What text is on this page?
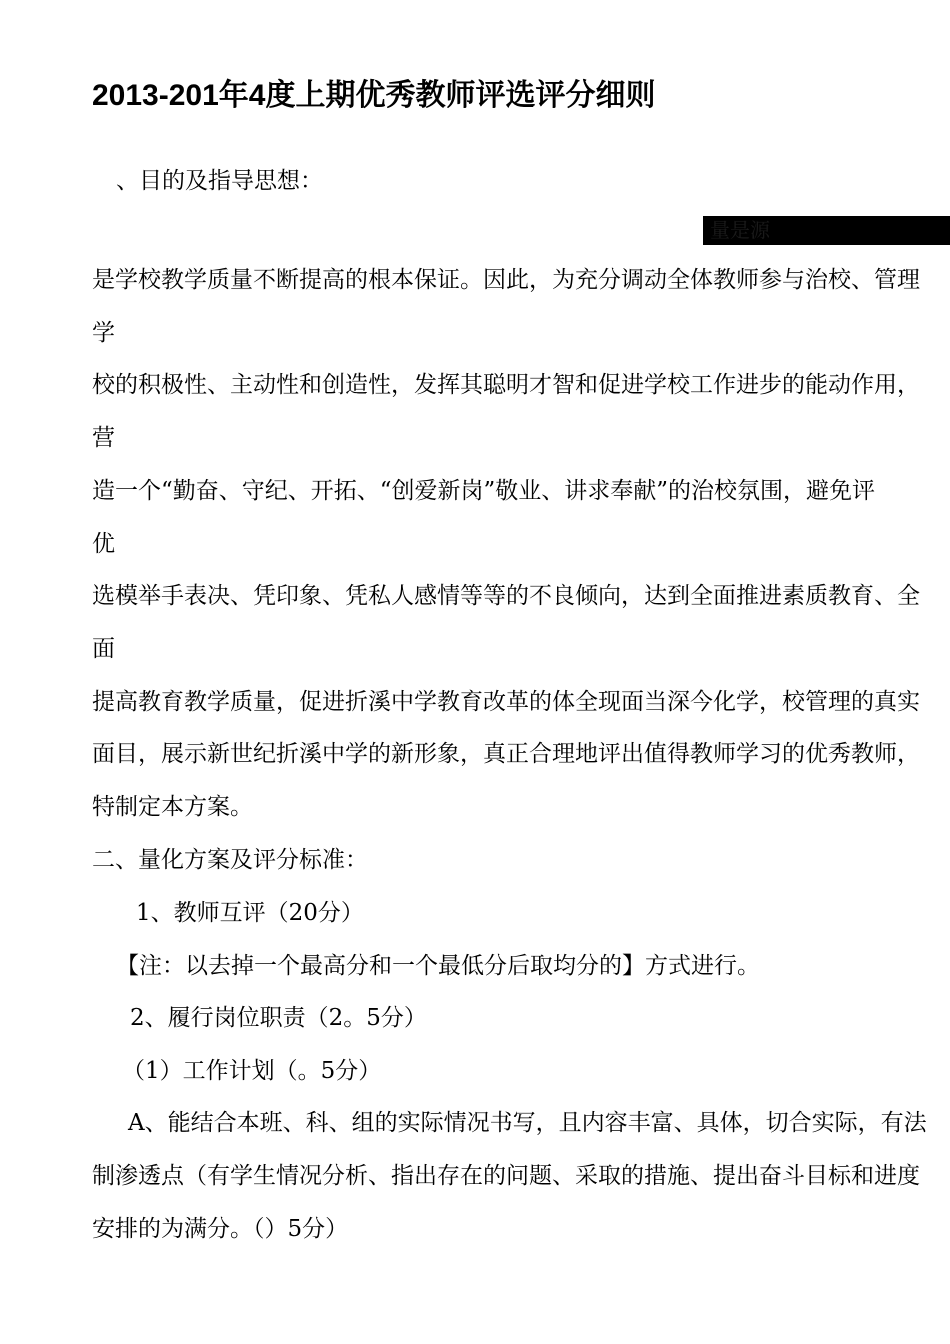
2013-201年4度上期优秀教师评选评分细则
量是源
、目的及指导思想：
是学校教学质量不断提高的根本保证。因此，为充分调动全体教师参与治校、管理
学
校的积极性、主动性和创造性，发挥其聪明才智和促进学校工作进步的能动作用，
营
造一个“勤奋、守纪、开拓、“创爱新岗”敬业、讲求奉献”的治校氛围，避免评
优
选模举手表决、凭印象、凭私人感情等等的不良倾向，达到全面推进素质教育、全
面
提高教育教学质量，促进折溪中学教育改革的体全现面当深今化学，校管理的真实
面目，展示新世纪折溪中学的新形象，真正合理地评出值得教师学习的优秀教师，
特制定本方案。
二、量化方案及评分标准：
1、教师互评（20分）
【注：以去掉一个最高分和一个最低分后取均分的】方式进行。
2、履行岗位职责（2。5分）
（1）工作计划（。5分）
A、能结合本班、科、组的实际情况书写，且内容丰富、具体，切合实际，有法
制渗透点（有学生情况分析、指出存在的问题、采取的措施、提出奋斗目标和进度
安排的为满分。（）5分）
